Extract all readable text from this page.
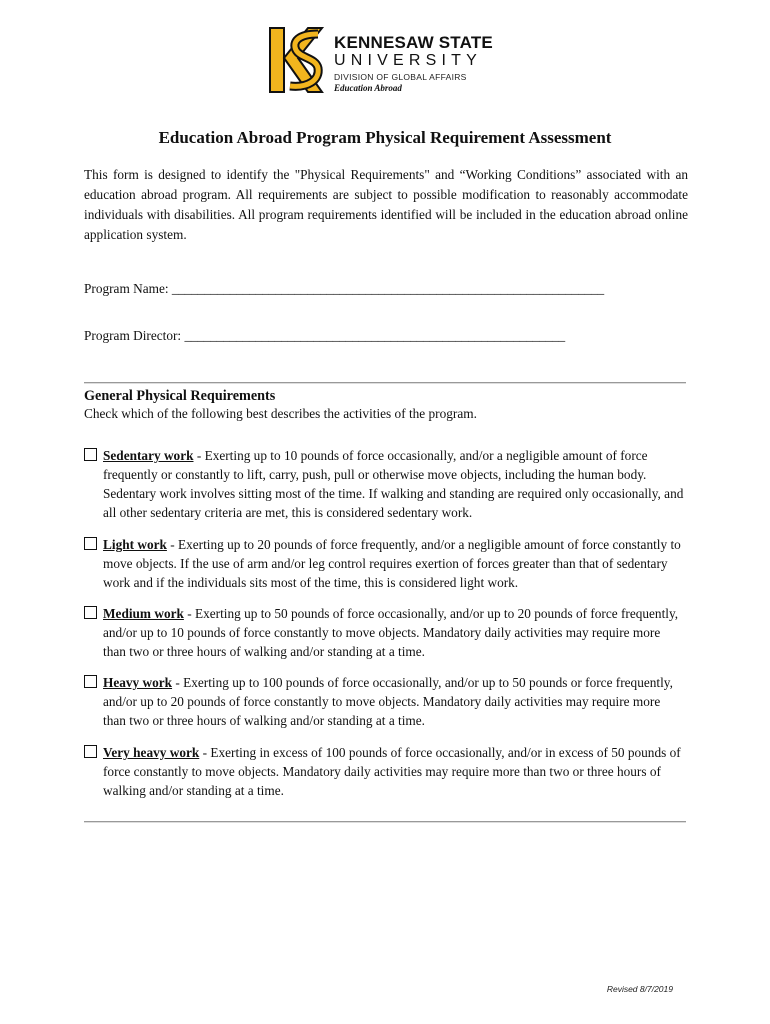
KENNESAW STATE
UNIVERSITY
DIVISION OF GLOBAL AFFAIRS
Education Abroad
Education Abroad Program Physical Requirement Assessment
This form is designed to identify the "Physical Requirements" and “Working Conditions” associated with an education abroad program. All requirements are subject to possible modification to reasonably accommodate individuals with disabilities. All program requirements identified will be included in the education abroad online application system.
Program Name: ___________________________________________________________________
Program Director: ___________________________________________________________
General Physical Requirements
Check which of the following best describes the activities of the program.
Sedentary work - Exerting up to 10 pounds of force occasionally, and/or a negligible amount of force frequently or constantly to lift, carry, push, pull or otherwise move objects, including the human body. Sedentary work involves sitting most of the time. If walking and standing are required only occasionally, and all other sedentary criteria are met, this is considered sedentary work.
Light work - Exerting up to 20 pounds of force frequently, and/or a negligible amount of force constantly to move objects. If the use of arm and/or leg control requires exertion of forces greater than that of sedentary work and if the individuals sits most of the time, this is considered light work.
Medium work - Exerting up to 50 pounds of force occasionally, and/or up to 20 pounds of force frequently, and/or up to 10 pounds of force constantly to move objects. Mandatory daily activities may require more than two or three hours of walking and/or standing at a time.
Heavy work - Exerting up to 100 pounds of force occasionally, and/or up to 50 pounds or force frequently, and/or up to 20 pounds of force constantly to move objects. Mandatory daily activities may require more than two or three hours of walking and/or standing at a time.
Very heavy work - Exerting in excess of 100 pounds of force occasionally, and/or in excess of 50 pounds of force constantly to move objects. Mandatory daily activities may require more than two or three hours of walking and/or standing at a time.
Revised 8/7/2019
